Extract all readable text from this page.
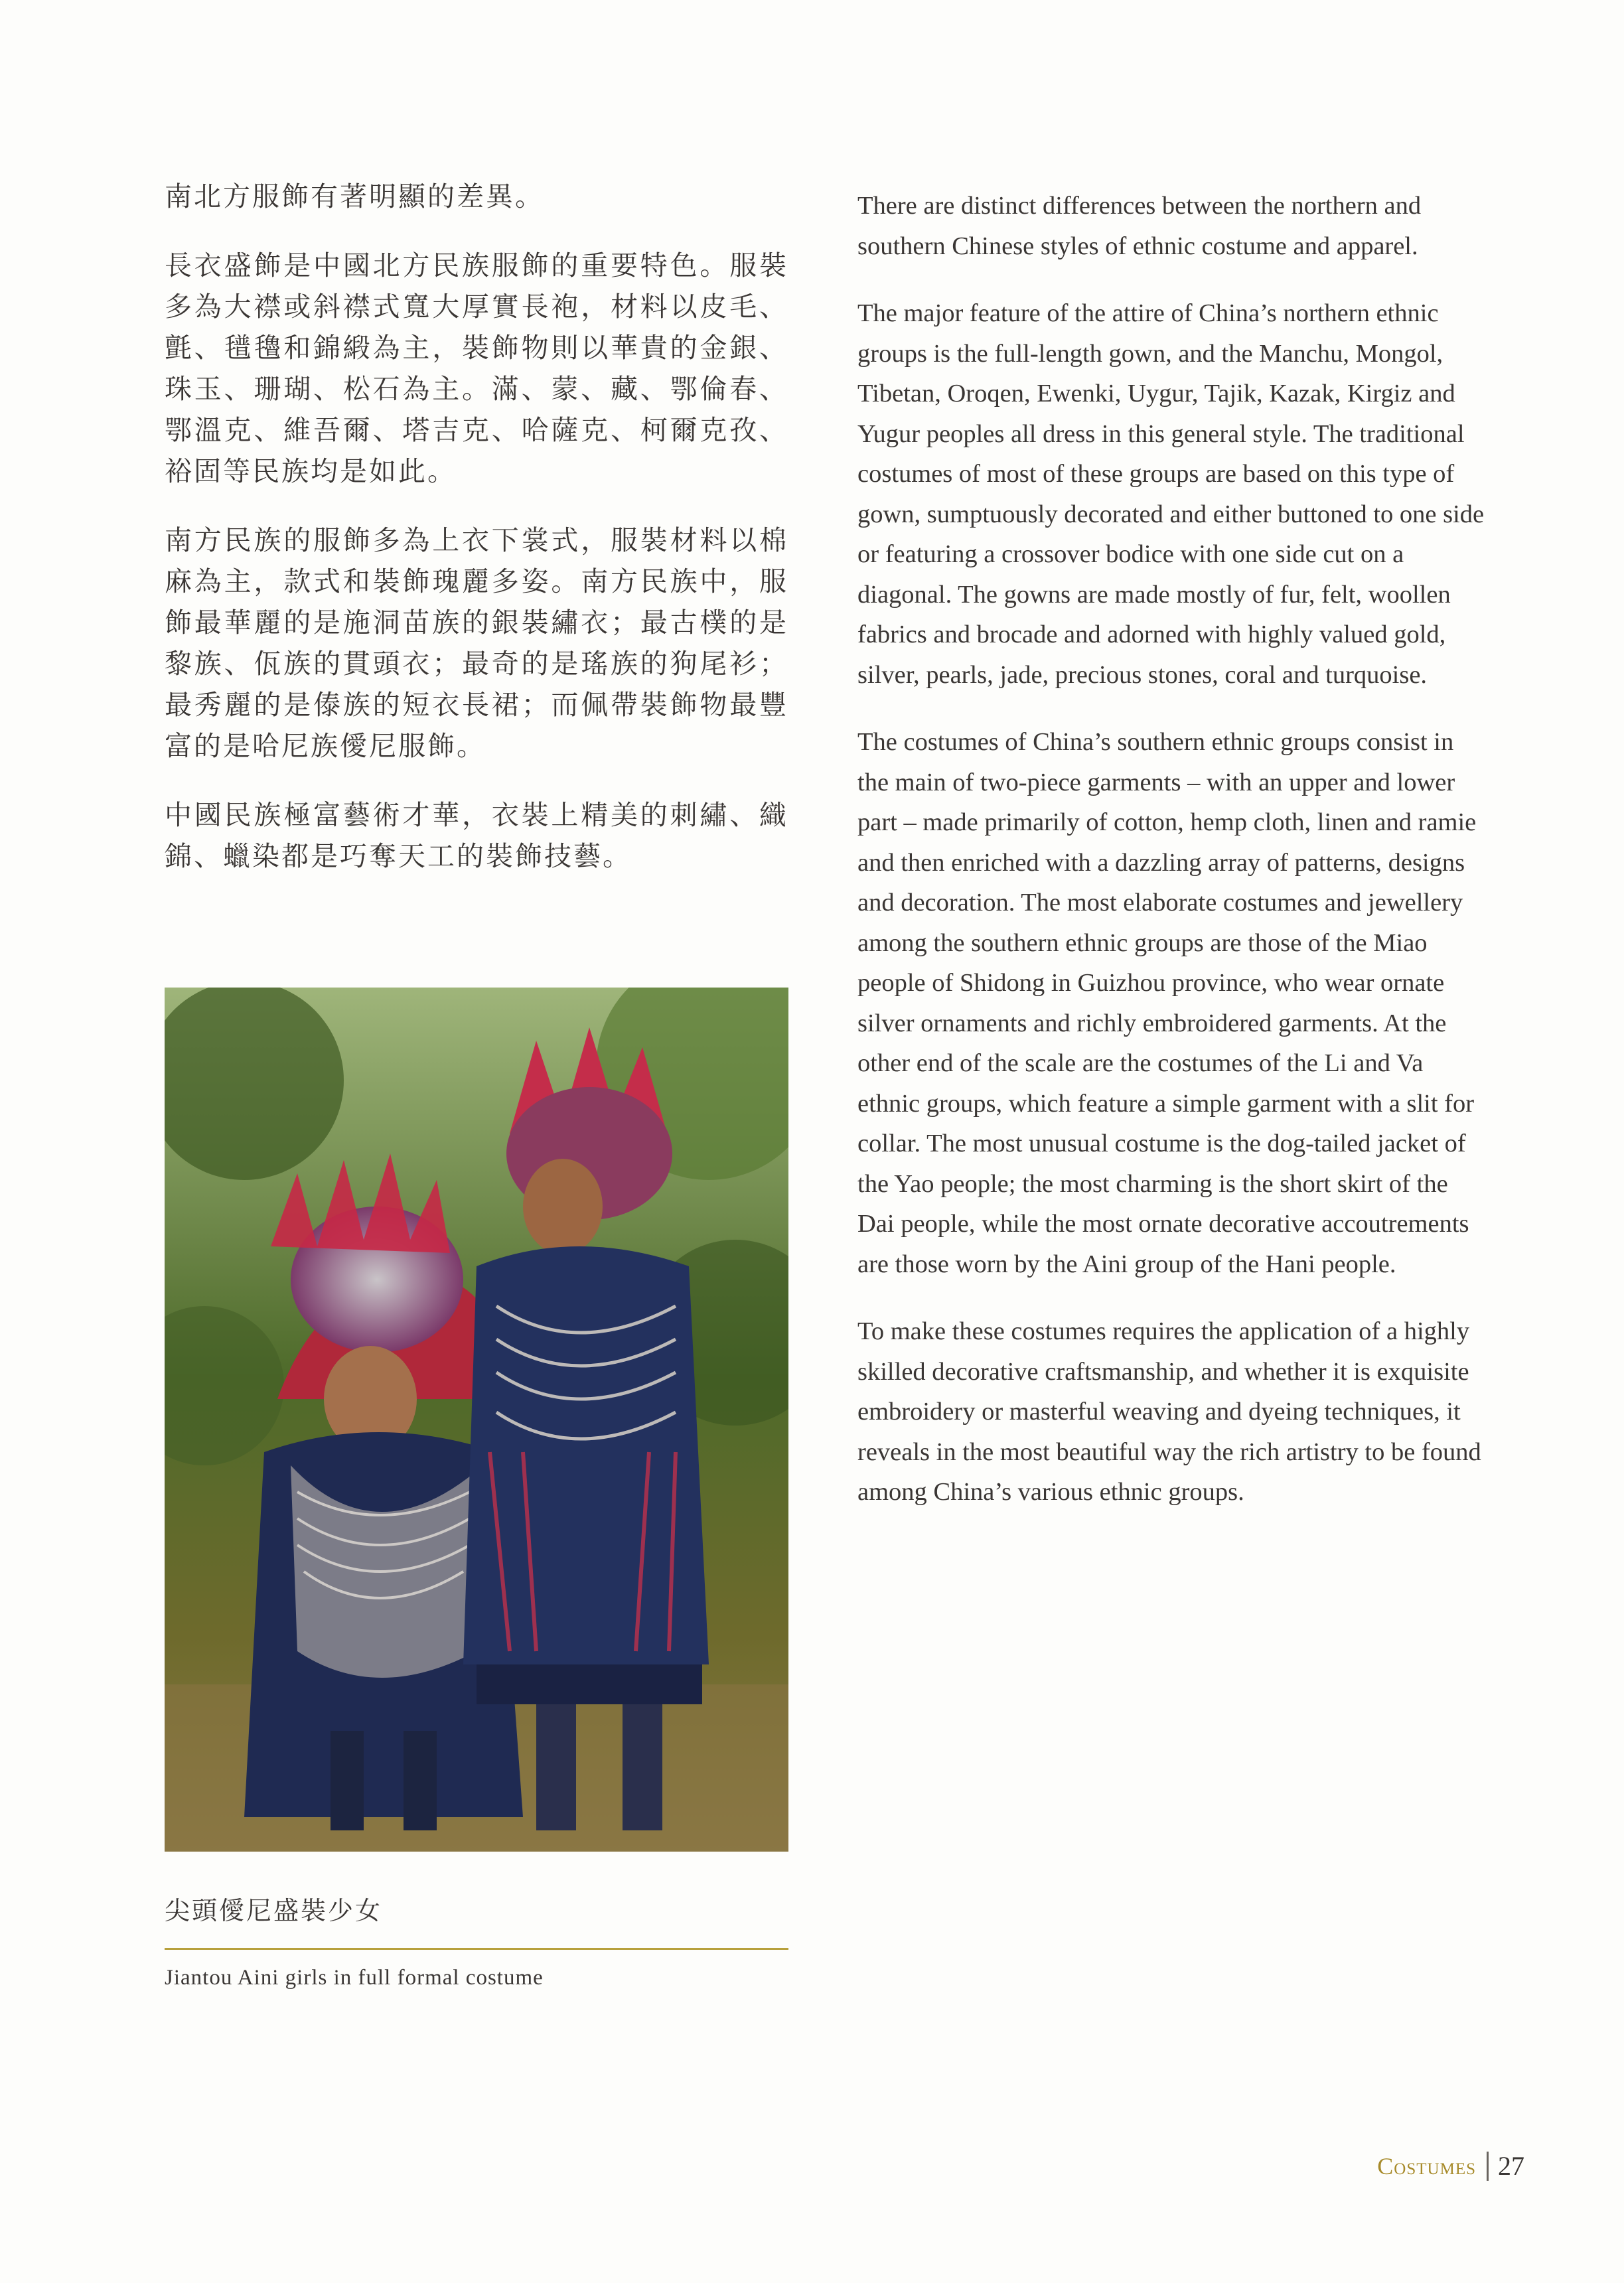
南北方服飾有著明顯的差異。

長衣盛飾是中國北方民族服飾的重要特色。服裝多為大襟或斜襟式寬大厚實長袍，材料以皮毛、氈、氆氌和錦緞為主，裝飾物則以華貴的金銀、珠玉、珊瑚、松石為主。滿、蒙、藏、鄂倫春、鄂溫克、維吾爾、塔吉克、哈薩克、柯爾克孜、裕固等民族均是如此。

南方民族的服飾多為上衣下裳式，服裝材料以棉麻為主，款式和裝飾瑰麗多姿。南方民族中，服飾最華麗的是施洞苗族的銀裝繡衣；最古樸的是黎族、佤族的貫頭衣；最奇的是瑤族的狗尾衫；最秀麗的是傣族的短衣長裙；而佩帶裝飾物最豐富的是哈尼族僾尼服飾。

中國民族極富藝術才華，衣裝上精美的刺繡、織錦、蠟染都是巧奪天工的裝飾技藝。

There are distinct differences between the northern and southern Chinese styles of ethnic costume and apparel.

The major feature of the attire of China’s northern ethnic groups is the full-length gown, and the Manchu, Mongol, Tibetan, Oroqen, Ewenki, Uygur, Tajik, Kazak, Kirgiz and Yugur peoples all dress in this general style. The traditional costumes of most of these groups are based on this type of gown, sumptuously decorated and either buttoned to one side or featuring a crossover bodice with one side cut on a diagonal. The gowns are made mostly of fur, felt, woollen fabrics and brocade and adorned with highly valued gold, silver, pearls, jade, precious stones, coral and turquoise.

The costumes of China’s southern ethnic groups consist in the main of two-piece garments – with an upper and lower part – made primarily of cotton, hemp cloth, linen and ramie and then enriched with a dazzling array of patterns, designs and decoration. The most elaborate costumes and jewellery among the southern ethnic groups are those of the Miao people of Shidong in Guizhou province, who wear ornate silver ornaments and richly embroidered garments. At the other end of the scale are the costumes of the Li and Va ethnic groups, which feature a simple garment with a slit for collar. The most unusual costume is the dog-tailed jacket of the Yao people; the most charming is the short skirt of the Dai people, while the most ornate decorative accoutrements are those worn by the Aini group of the Hani people.

To make these costumes requires the application of a highly skilled decorative craftsmanship, and whether it is exquisite embroidery or masterful weaving and dyeing techniques, it reveals in the most beautiful way the rich artistry to be found among China’s various ethnic groups.

尖頭僾尼盛裝少女

Jiantou Aini girls in full formal costume

Costumes 27
